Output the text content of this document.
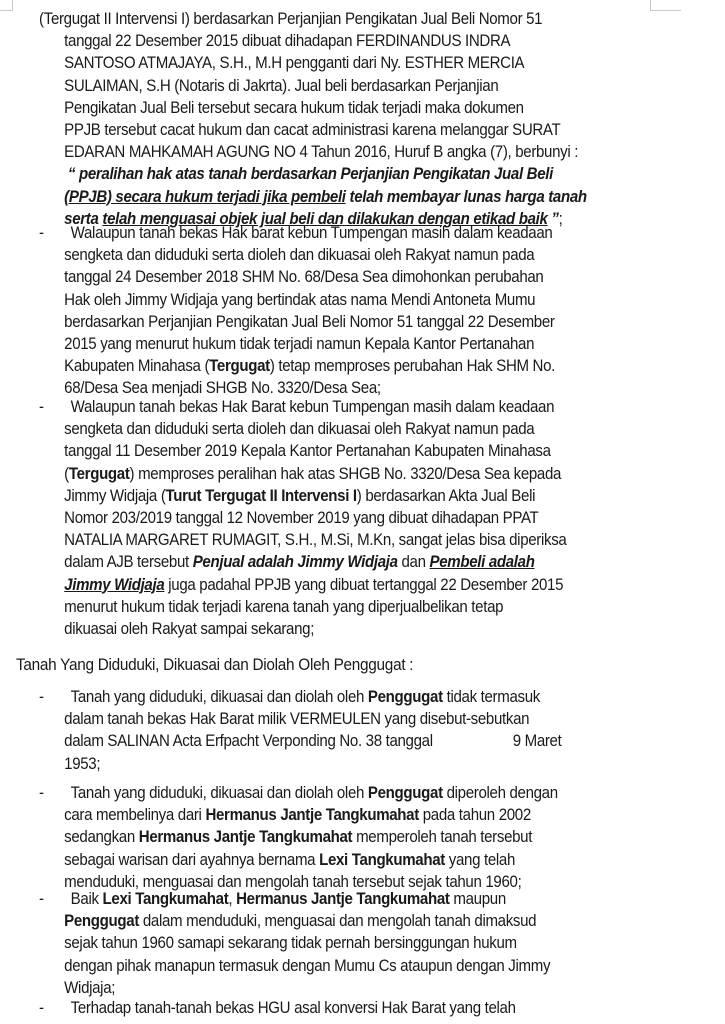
(Tergugat II Intervensi I) berdasarkan Perjanjian Pengikatan Jual Beli Nomor 51
tanggal 22 Desember 2015 dibuat dihadapan FERDINANDUS INDRA
SANTOSO ATMAJAYA, S.H., M.H pengganti dari Ny. ESTHER MERCIA
SULAIMAN, S.H (Notaris di Jakrta). Jual beli berdasarkan Perjanjian
Pengikatan Jual Beli tersebut secara hukum tidak terjadi maka dokumen
PPJB tersebut cacat hukum dan cacat administrasi karena melanggar SURAT
EDARAN MAHKAMAH AGUNG NO 4 Tahun 2016, Huruf B angka (7), berbunyi :
“ peralihan hak atas tanah berdasarkan Perjanjian Pengikatan Jual Beli
(PPJB) secara hukum terjadi jika pembeli telah membayar lunas harga tanah
serta telah menguasai objek jual beli dan dilakukan dengan etikad baik ”;
- Walaupun tanah bekas Hak barat kebun Tumpengan masih dalam keadaan
sengketa dan diduduki serta dioleh dan dikuasai oleh Rakyat namun pada
tanggal 24 Desember 2018 SHM No. 68/Desa Sea dimohonkan perubahan
Hak oleh Jimmy Widjaja yang bertindak atas nama Mendi Antoneta Mumu
berdasarkan Perjanjian Pengikatan Jual Beli Nomor 51 tanggal 22 Desember
2015 yang menurut hukum tidak terjadi namun Kepala Kantor Pertanahan
Kabupaten Minahasa (Tergugat) tetap memproses perubahan Hak SHM No.
68/Desa Sea menjadi SHGB No. 3320/Desa Sea;
- Walaupun tanah bekas Hak Barat kebun Tumpengan masih dalam keadaan
sengketa dan diduduki serta dioleh dan dikuasai oleh Rakyat namun pada
tanggal 11 Desember 2019 Kepala Kantor Pertanahan Kabupaten Minahasa
(Tergugat) memproses peralihan hak atas SHGB No. 3320/Desa Sea kepada
Jimmy Widjaja (Turut Tergugat II Intervensi I) berdasarkan Akta Jual Beli
Nomor 203/2019 tanggal 12 November 2019 yang dibuat dihadapan PPAT
NATALIA MARGARET RUMAGIT, S.H., M.Si, M.Kn, sangat jelas bisa diperiksa
dalam AJB tersebut Penjual adalah Jimmy Widjaja dan Pembeli adalah
Jimmy Widjaja juga padahal PPJB yang dibuat tertanggal 22 Desember 2015
menurut hukum tidak terjadi karena tanah yang diperjualbelikan tetap
dikuasai oleh Rakyat sampai sekarang;
Tanah Yang Diduduki, Dikuasai dan Diolah Oleh Penggugat :
- Tanah yang diduduki, dikuasai dan diolah oleh Penggugat tidak termasuk
dalam tanah bekas Hak Barat milik VERMEULEN yang disebut-sebutkan
dalam SALINAN Acta Erfpacht Verponding No. 38 tanggal	9 Maret
1953;
- Tanah yang diduduki, dikuasai dan diolah oleh Penggugat diperoleh dengan
cara membelinya dari Hermanus Jantje Tangkumahat pada tahun 2002
sedangkan Hermanus Jantje Tangkumahat memperoleh tanah tersebut
sebagai warisan dari ayahnya bernama Lexi Tangkumahat yang telah
menduduki, menguasai dan mengolah tanah tersebut sejak tahun 1960;
- Baik Lexi Tangkumahat, Hermanus Jantje Tangkumahat maupun
Penggugat dalam menduduki, menguasai dan mengolah tanah dimaksud
sejak tahun 1960 samapi sekarang tidak pernah bersinggungan hukum
dengan pihak manapun termasuk dengan Mumu Cs ataupun dengan Jimmy
Widjaja;
- Terhadap tanah-tanah bekas HGU asal konversi Hak Barat yang telah
